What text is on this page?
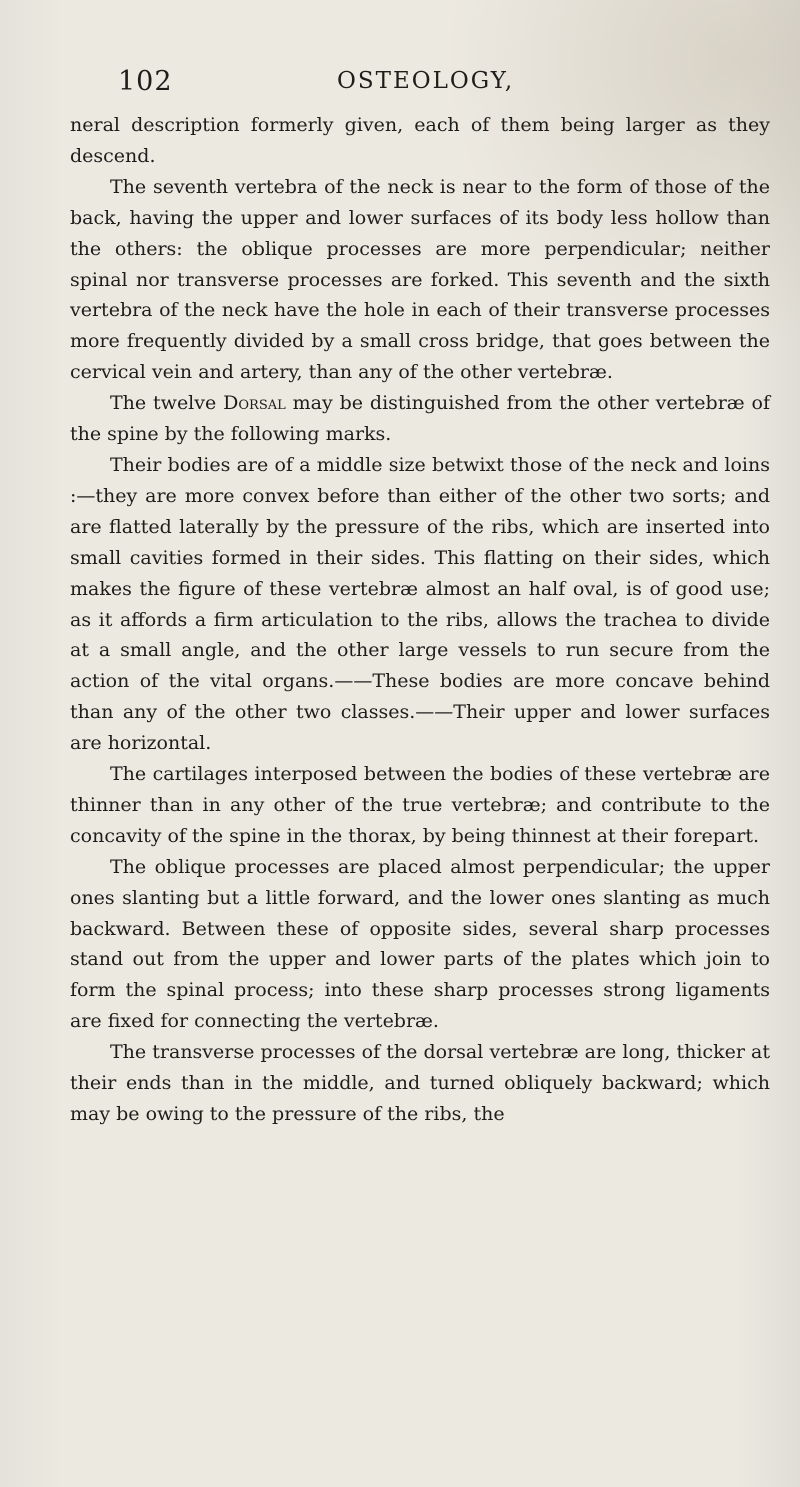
102	OSTEOLOGY,

neral description formerly given, each of them being larger as they descend.

The seventh vertebra of the neck is near to the form of those of the back, having the upper and lower surfaces of its body less hollow than the others: the oblique processes are more perpendicular; neither spinal nor transverse processes are forked. This seventh and the sixth vertebra of the neck have the hole in each of their transverse processes more frequently divided by a small cross bridge, that goes between the cervical vein and artery, than any of the other vertebræ.

The twelve Dorsal may be distinguished from the other vertebræ of the spine by the following marks.

Their bodies are of a middle size betwixt those of the neck and loins :—they are more convex before than either of the other two sorts; and are flatted laterally by the pressure of the ribs, which are inserted into small cavities formed in their sides. This flatting on their sides, which makes the figure of these vertebræ almost an half oval, is of good use; as it affords a firm articulation to the ribs, allows the trachea to divide at a small angle, and the other large vessels to run secure from the action of the vital organs.——These bodies are more concave behind than any of the other two classes.——Their upper and lower surfaces are horizontal.

The cartilages interposed between the bodies of these vertebræ are thinner than in any other of the true vertebræ; and contribute to the concavity of the spine in the thorax, by being thinnest at their forepart.

The oblique processes are placed almost perpendicular; the upper ones slanting but a little forward, and the lower ones slanting as much backward. Between these of opposite sides, several sharp processes stand out from the upper and lower parts of the plates which join to form the spinal process; into these sharp processes strong ligaments are fixed for connecting the vertebræ.

The transverse processes of the dorsal vertebræ are long, thicker at their ends than in the middle, and turned obliquely backward; which may be owing to the pressure of the ribs, the
